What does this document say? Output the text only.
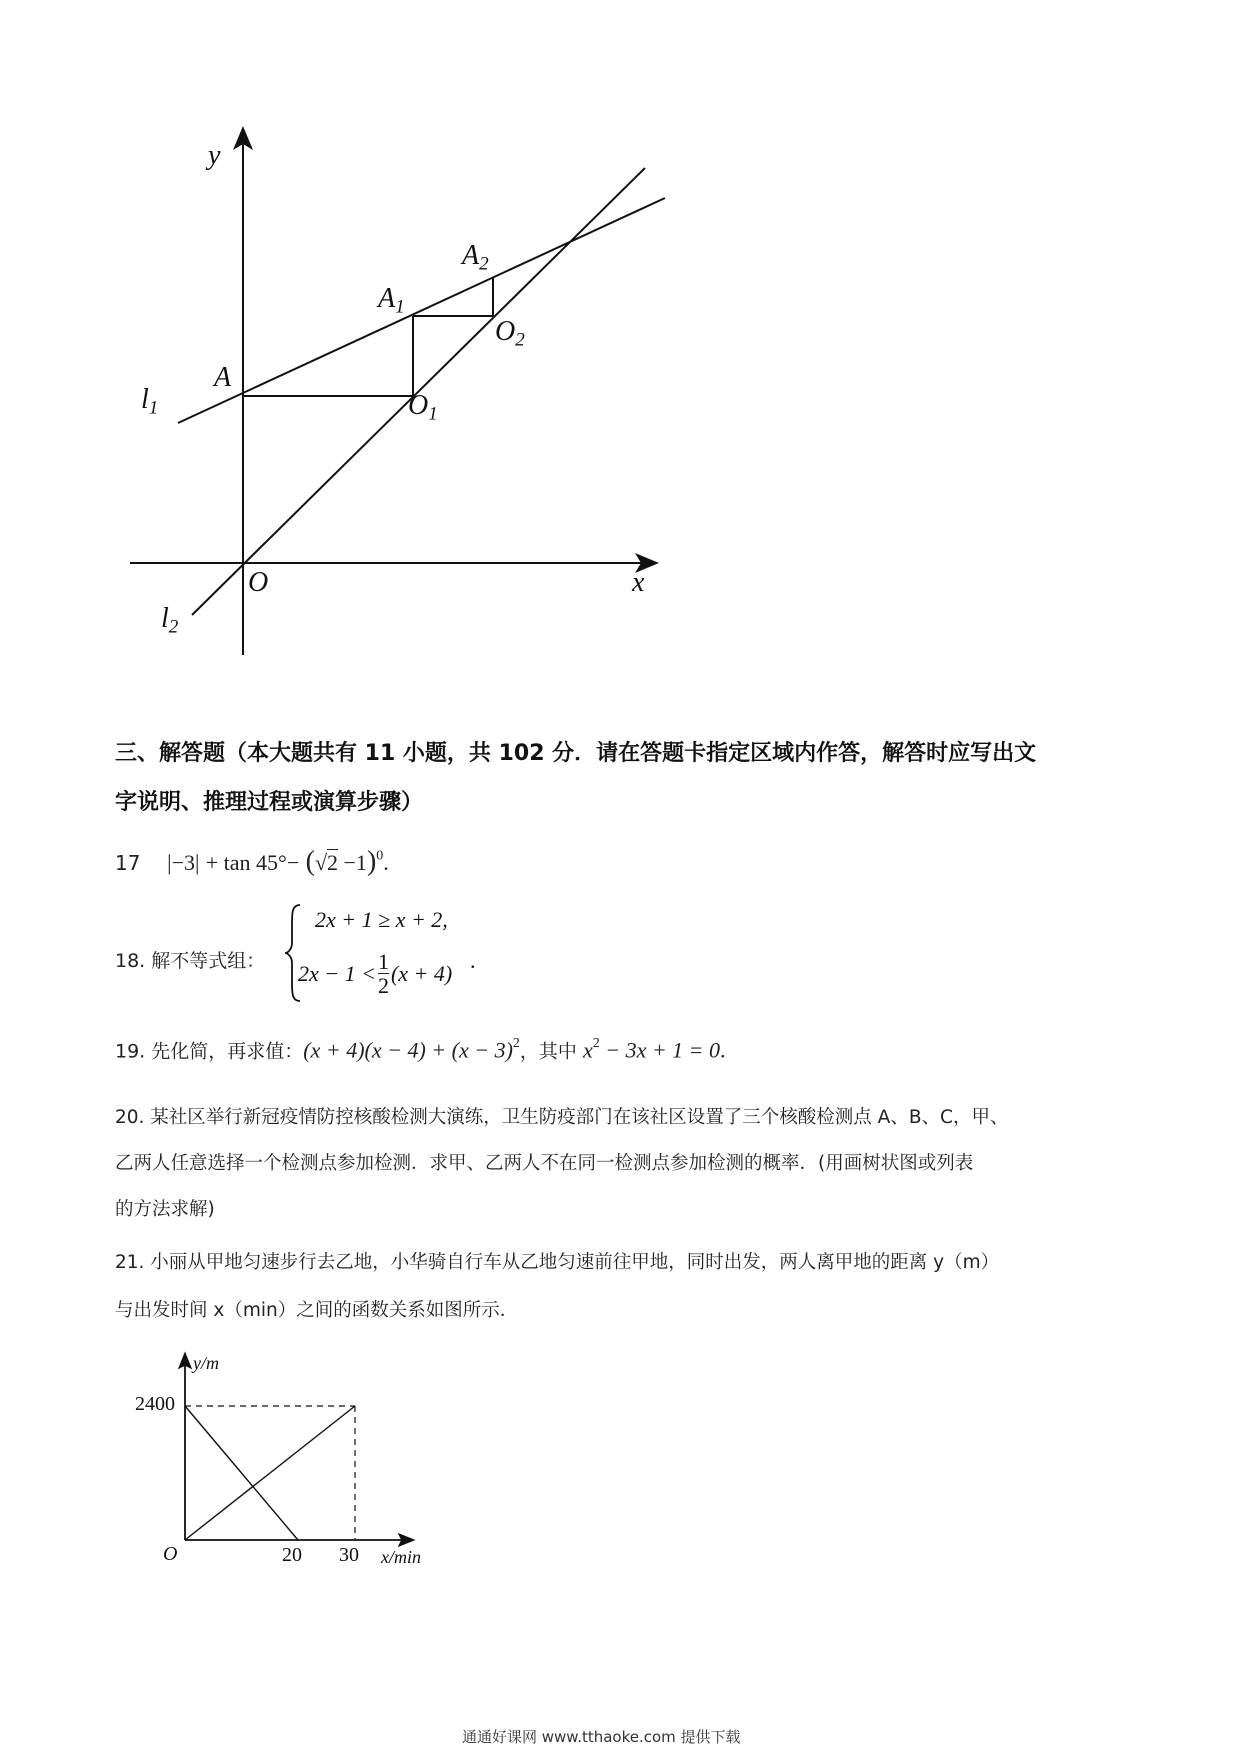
y
x
O
$l_1$
$l_2$
A
$A_1$
$A_2$
$O_1$
$O_2$
三、解答题（本大题共有 11 小题，共 102 分．请在答题卡指定区域内作答，解答时应写出文
字说明、推理过程或演算步骤）
17 $|-3| + \tan 45^\circ- (√2 -1)^0$.
18. 解不等式组：
2x + 1 ≥ x + 2,
$2x - 1 < \frac{1}{2} (x + 4)$
.
19. 先化简，再求值：$(x + 4)(x - 4) + (x - 3)^2$，其中 $x^2 - 3x + 1 = 0$.
20. 某社区举行新冠疫情防控核酸检测大演练，卫生防疫部门在该社区设置了三个核酸检测点 A、B、C，甲、
乙两人任意选择一个检测点参加检测．求甲、乙两人不在同一检测点参加检测的概率．(用画树状图或列表
的方法求解)
21. 小丽从甲地匀速步行去乙地，小华骑自行车从乙地匀速前往甲地，同时出发，两人离甲地的距离 y（m）
与出发时间 x（min）之间的函数关系如图所示．
y/m
x/min
O
2400
20 30
通通好课网 www.tthaoke.com 提供下载
